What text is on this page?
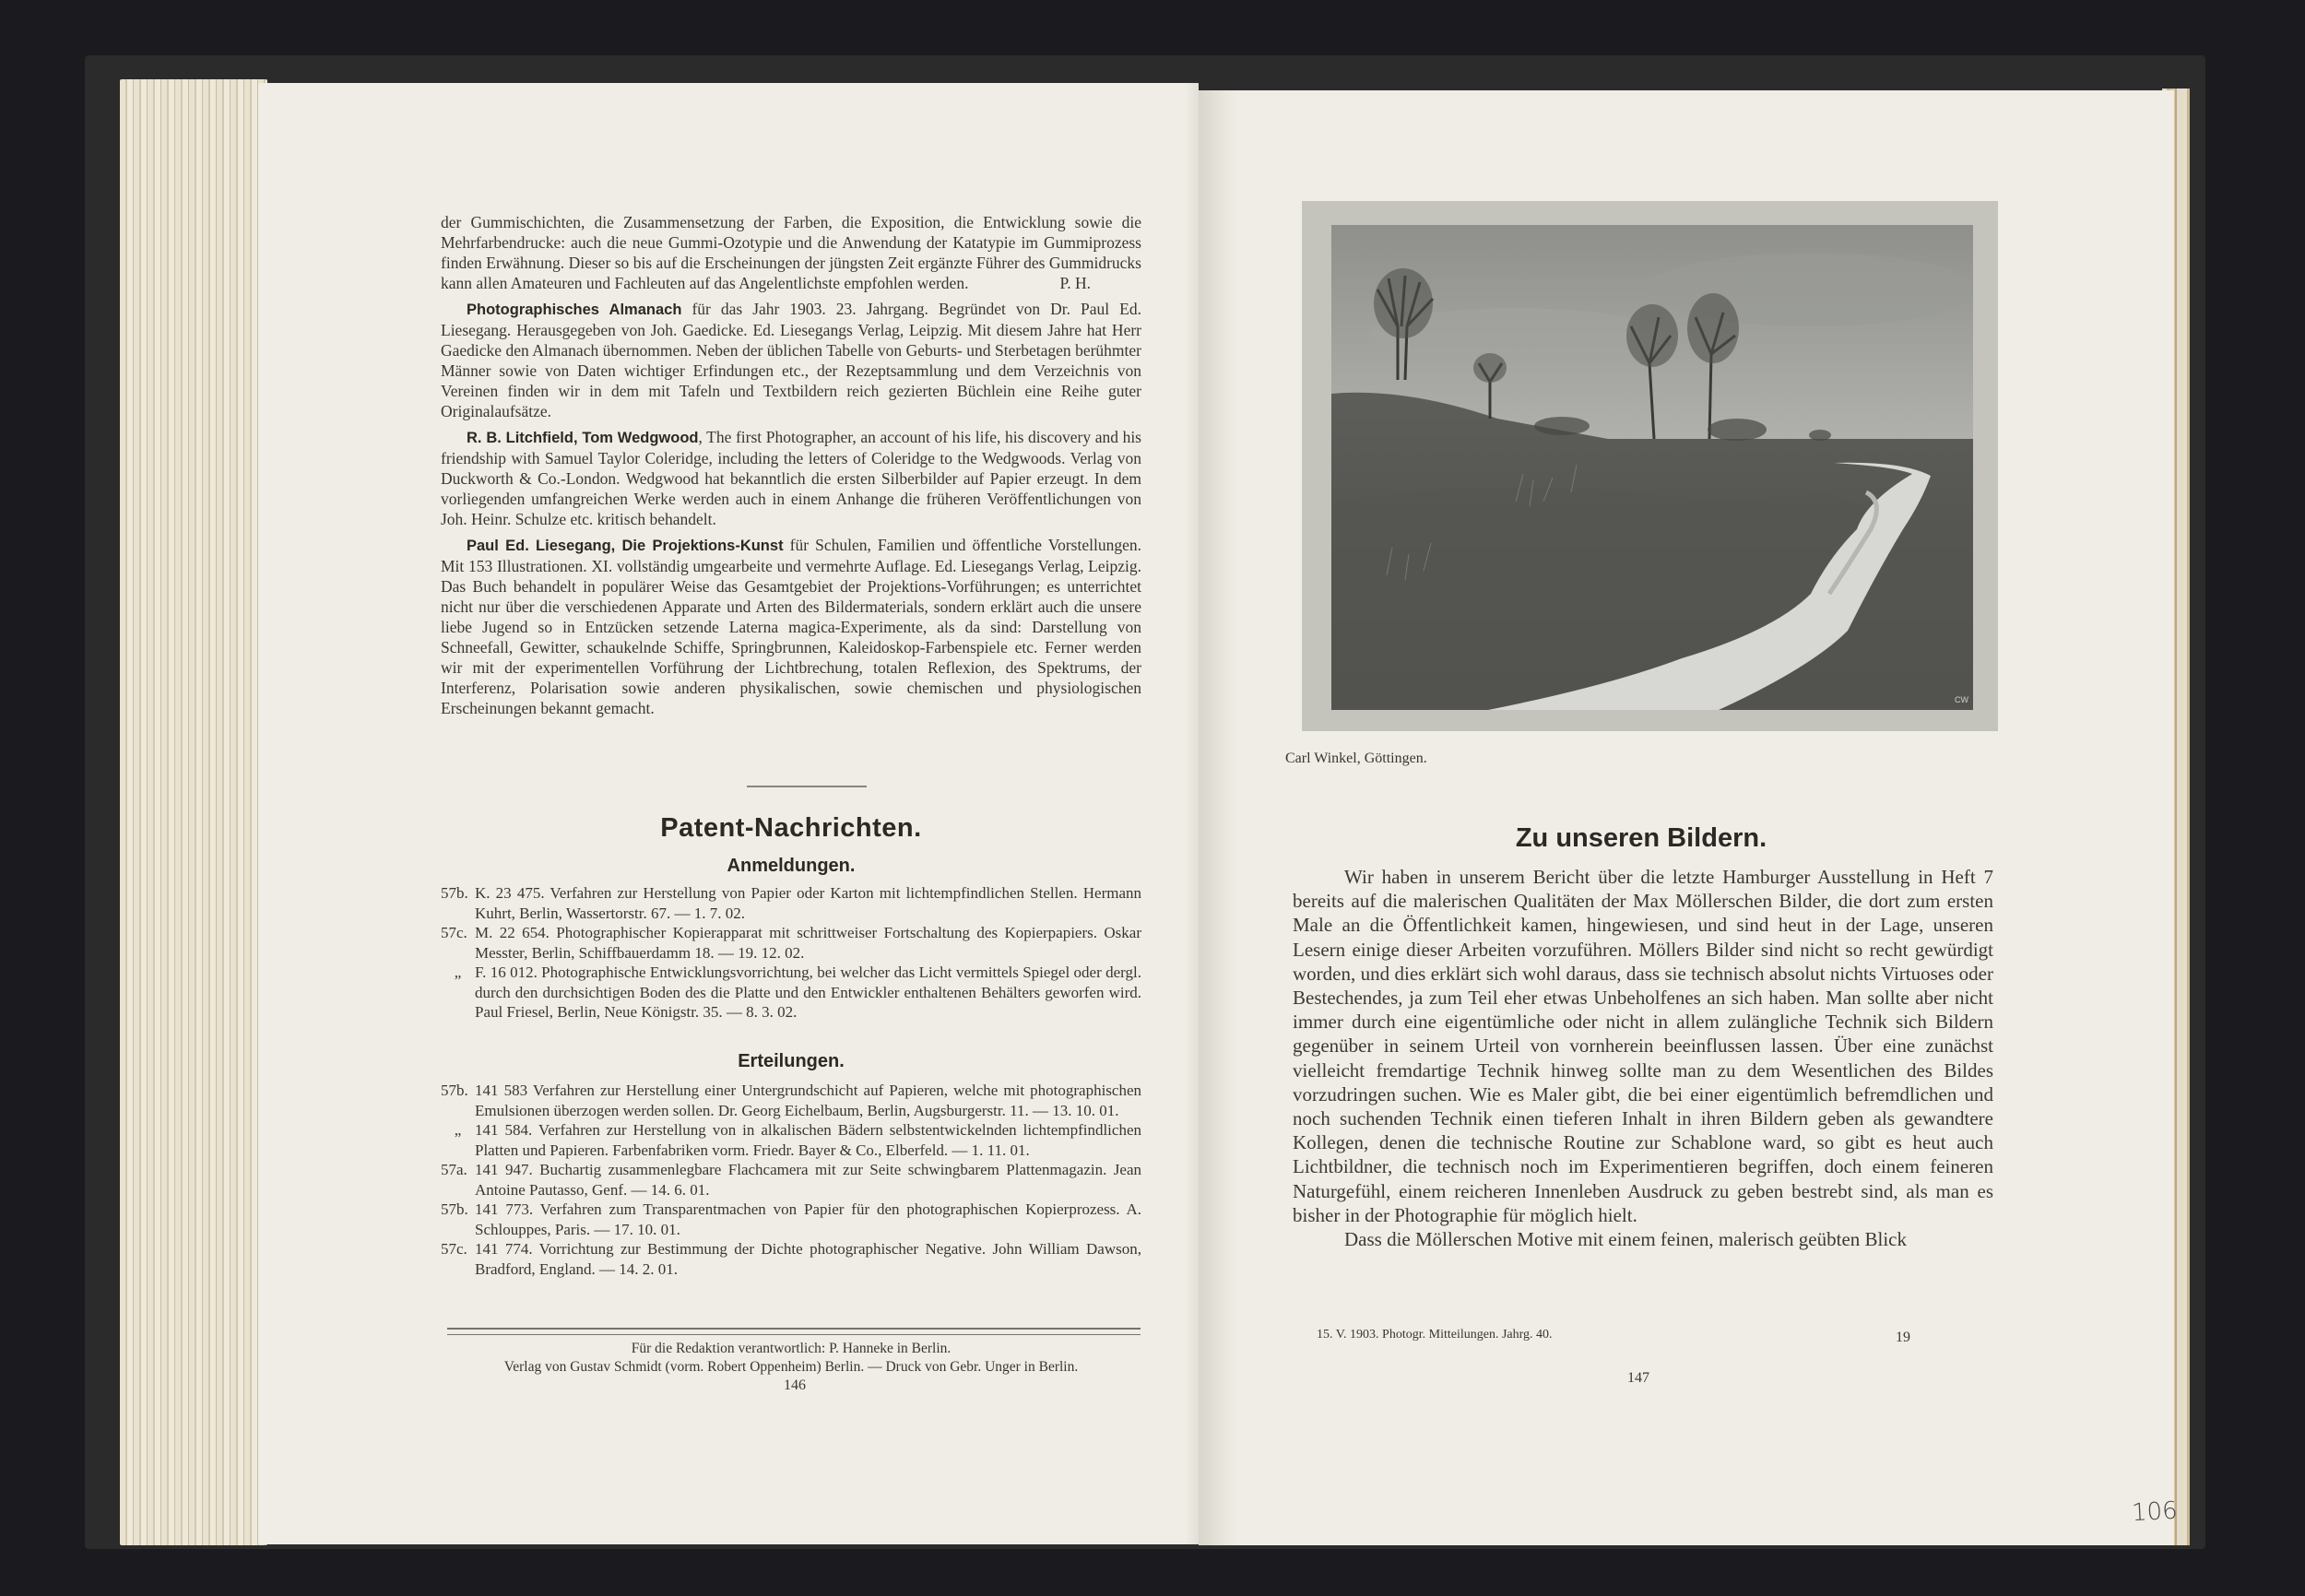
der Gummischichten, die Zusammensetzung der Farben, die Exposition, die Entwicklung sowie die Mehrfarbendrucke: auch die neue Gummi-Ozotypie und die Anwendung der Katatypie im Gummiprozess finden Erwähnung. Dieser so bis auf die Erscheinungen der jüngsten Zeit ergänzte Führer des Gummidrucks kann allen Amateuren und Fachleuten auf das Angelentlichste empfohlen werden.	P. H.

Photographisches Almanach für das Jahr 1903. 23. Jahrgang. Begründet von Dr. Paul Ed. Liesegang. Herausgegeben von Joh. Gaedicke. Ed. Liesegangs Verlag, Leipzig. Mit diesem Jahre hat Herr Gaedicke den Almanach übernommen. Neben der üblichen Tabelle von Geburts- und Sterbetagen berühmter Männer sowie von Daten wichtiger Erfindungen etc., der Rezeptsammlung und dem Verzeichnis von Vereinen finden wir in dem mit Tafeln und Textbildern reich gezierten Büchlein eine Reihe guter Originalaufsätze.

R. B. Litchfield, Tom Wedgwood, The first Photographer, an account of his life, his discovery and his friendship with Samuel Taylor Coleridge, including the letters of Coleridge to the Wedgwoods. Verlag von Duckworth & Co.-London. Wedgwood hat bekanntlich die ersten Silberbilder auf Papier erzeugt. In dem vorliegenden umfangreichen Werke werden auch in einem Anhange die früheren Veröffentlichungen von Joh. Heinr. Schulze etc. kritisch behandelt.

Paul Ed. Liesegang, Die Projektions-Kunst für Schulen, Familien und öffentliche Vorstellungen. Mit 153 Illustrationen. XI. vollständig umgearbeite und vermehrte Auflage. Ed. Liesegangs Verlag, Leipzig. Das Buch behandelt in populärer Weise das Gesamtgebiet der Projektions-Vorführungen; es unterrichtet nicht nur über die verschiedenen Apparate und Arten des Bildermaterials, sondern erklärt auch die unsere liebe Jugend so in Entzücken setzende Laterna magica-Experimente, als da sind: Darstellung von Schneefall, Gewitter, schaukelnde Schiffe, Springbrunnen, Kaleidoskop-Farbenspiele etc. Ferner werden wir mit der experimentellen Vorführung der Lichtbrechung, totalen Reflexion, des Spektrums, der Interferenz, Polarisation sowie anderen physikalischen, sowie chemischen und physiologischen Erscheinungen bekannt gemacht.

Patent-Nachrichten.
Anmeldungen.
57b. K. 23 475. Verfahren zur Herstellung von Papier oder Karton mit lichtempfindlichen Stellen. Hermann Kuhrt, Berlin, Wassertorstr. 67. — 1. 7. 02.
57c. M. 22 654. Photographischer Kopierapparat mit schrittweiser Fortschaltung des Kopierpapiers. Oskar Messter, Berlin, Schiffbauerdamm 18. — 19. 12. 02.
„ F. 16 012. Photographische Entwicklungsvorrichtung, bei welcher das Licht vermittels Spiegel oder dergl. durch den durchsichtigen Boden des die Platte und den Entwickler enthaltenen Behälters geworfen wird. Paul Friesel, Berlin, Neue Königstr. 35. — 8. 3. 02.
Erteilungen.
57b. 141 583 Verfahren zur Herstellung einer Untergrundschicht auf Papieren, welche mit photographischen Emulsionen überzogen werden sollen. Dr. Georg Eichelbaum, Berlin, Augsburgerstr. 11. — 13. 10. 01.
„ 141 584. Verfahren zur Herstellung von in alkalischen Bädern selbstentwickelnden lichtempfindlichen Platten und Papieren. Farbenfabriken vorm. Friedr. Bayer & Co., Elberfeld. — 1. 11. 01.
57a. 141 947. Buchartig zusammenlegbare Flachcamera mit zur Seite schwingbarem Plattenmagazin. Jean Antoine Pautasso, Genf. — 14. 6. 01.
57b. 141 773. Verfahren zum Transparentmachen von Papier für den photographischen Kopierprozess. A. Schlouppes, Paris. — 17. 10. 01.
57c. 141 774. Vorrichtung zur Bestimmung der Dichte photographischer Negative. John William Dawson, Bradford, England. — 14. 2. 01.
Für die Redaktion verantwortlich: P. Hanneke in Berlin.
Verlag von Gustav Schmidt (vorm. Robert Oppenheim) Berlin. — Druck von Gebr. Unger in Berlin.
146
CW
Carl Winkel, Göttingen.
Zu unseren Bildern.

Wir haben in unserem Bericht über die letzte Hamburger Ausstellung in Heft 7 bereits auf die malerischen Qualitäten der Max Möllerschen Bilder, die dort zum ersten Male an die Öffentlichkeit kamen, hingewiesen, und sind heut in der Lage, unseren Lesern einige dieser Arbeiten vorzuführen. Möllers Bilder sind nicht so recht gewürdigt worden, und dies erklärt sich wohl daraus, dass sie technisch absolut nichts Virtuoses oder Bestechendes, ja zum Teil eher etwas Unbeholfenes an sich haben. Man sollte aber nicht immer durch eine eigentümliche oder nicht in allem zulängliche Technik sich Bildern gegenüber in seinem Urteil von vornherein beeinflussen lassen. Über eine zunächst vielleicht fremdartige Technik hinweg sollte man zu dem Wesentlichen des Bildes vorzudringen suchen. Wie es Maler gibt, die bei einer eigentümlich befremdlichen und noch suchenden Technik einen tieferen Inhalt in ihren Bildern geben als gewandtere Kollegen, denen die technische Routine zur Schablone ward, so gibt es heut auch Lichtbildner, die technisch noch im Experimentieren begriffen, doch einem feineren Naturgefühl, einem reicheren Innenleben Ausdruck zu geben bestrebt sind, als man es bisher in der Photographie für möglich hielt.

Dass die Möllerschen Motive mit einem feinen, malerisch geübten Blick

15. V. 1903. Photogr. Mitteilungen. Jahrg. 40.	19
147
106
